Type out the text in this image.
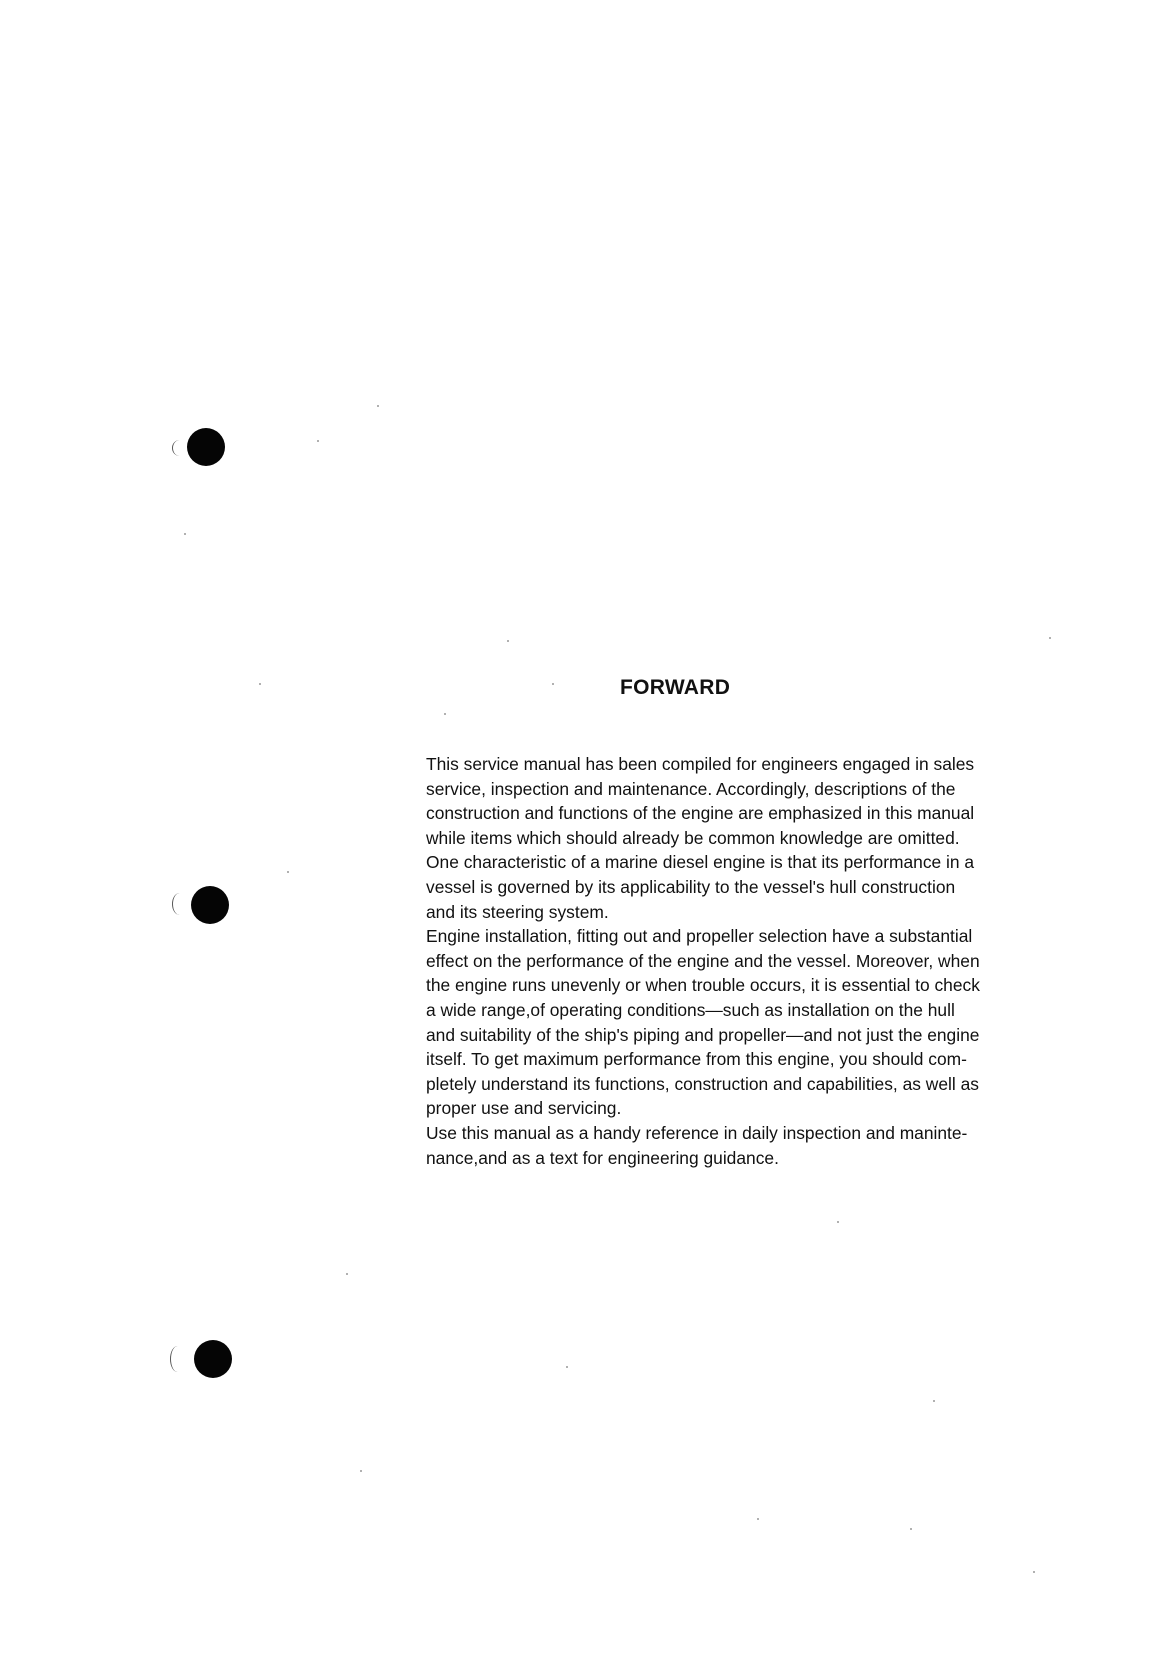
FORWARD

This service manual has been compiled for engineers engaged in sales

service, inspection and maintenance. Accordingly, descriptions of the

construction and functions of the engine are emphasized in this manual

while items which should already be common knowledge are omitted.

One characteristic of a marine diesel engine is that its performance in a

vessel is governed by its applicability to the vessel's hull construction

and its steering system.

Engine installation, fitting out and propeller selection have a substantial

effect on the performance of the engine and the vessel. Moreover, when

the engine runs unevenly or when trouble occurs, it is essential to check

a wide range,of operating conditions—such as installation on the hull

and suitability of the ship's piping and propeller—and not just the engine

itself. To get maximum performance from this engine, you should com-

pletely understand its functions, construction and capabilities, as well as

proper use and servicing.

Use this manual as a handy reference in daily inspection and maninte-

nance,and as a text for engineering guidance.
